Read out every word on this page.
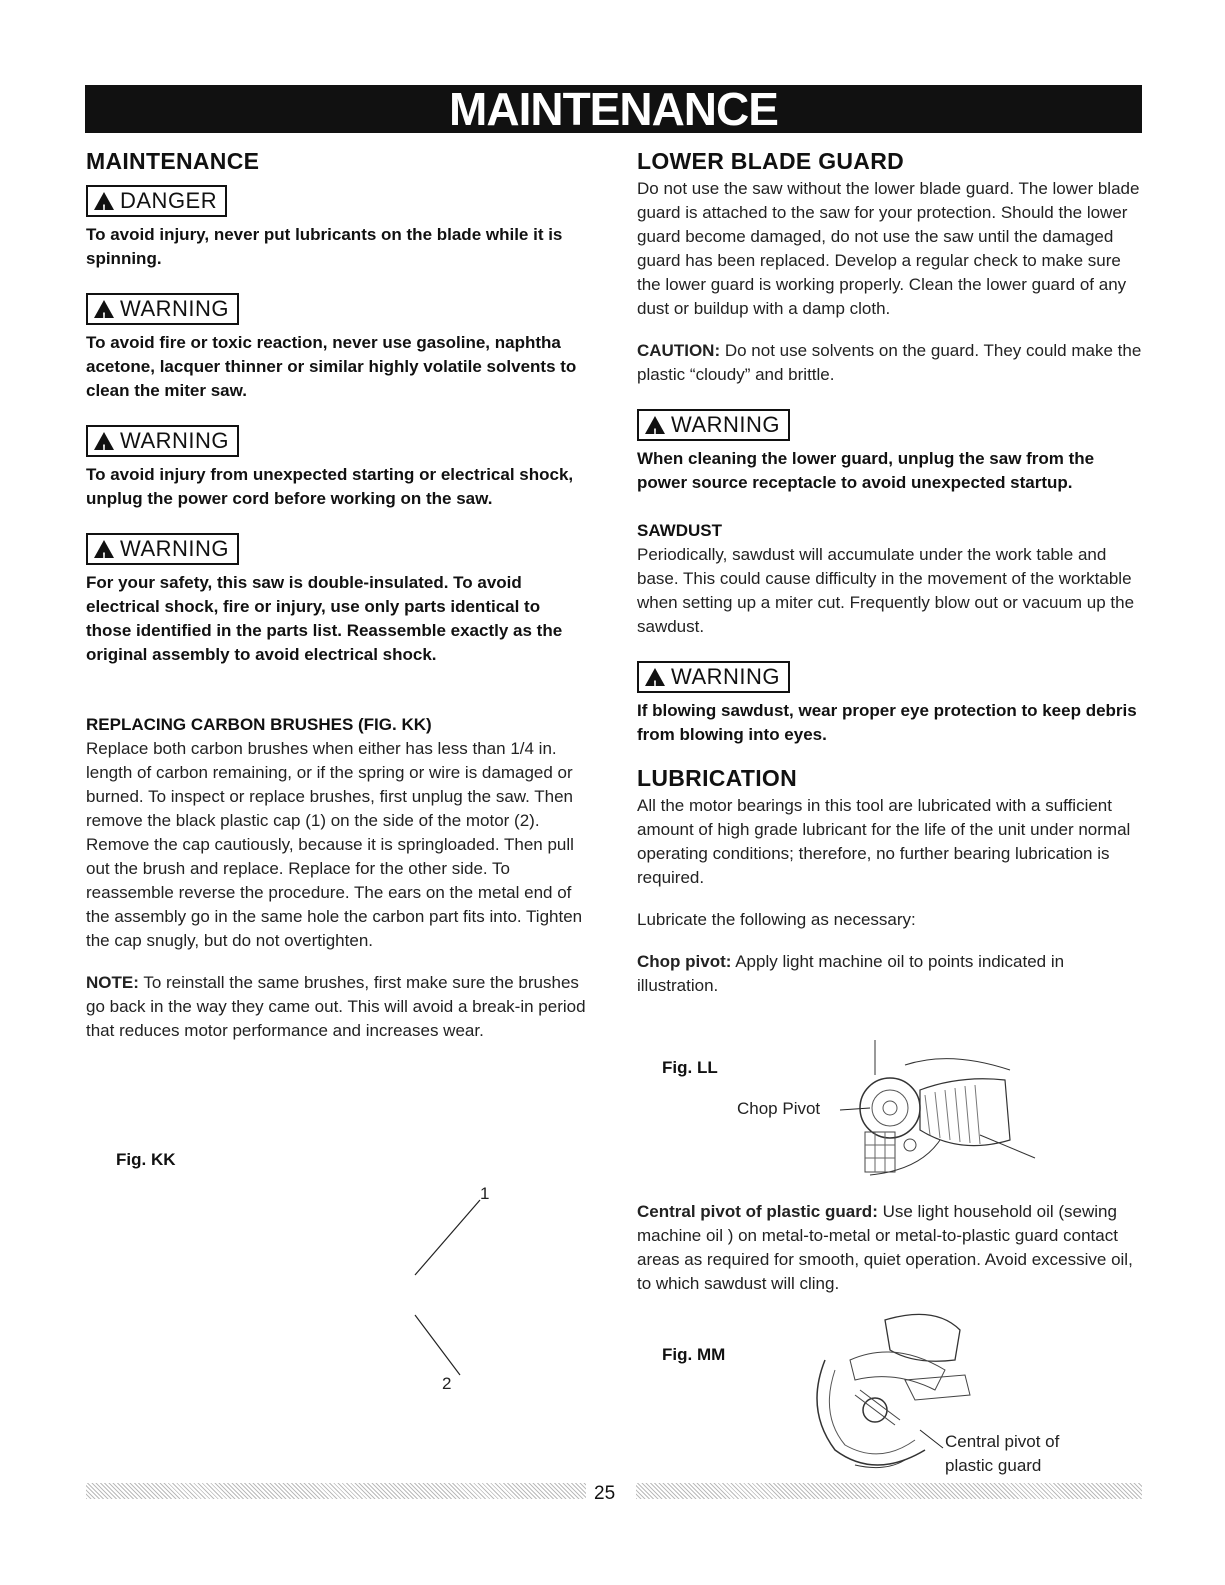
MAINTENANCE
MAINTENANCE
! DANGER
To avoid injury, never put lubricants on the blade while it is spinning.
! WARNING
To avoid fire or toxic reaction, never use gasoline, naphtha acetone, lacquer thinner or similar highly volatile solvents to clean the miter saw.
! WARNING
To avoid injury from unexpected starting or electrical shock, unplug the power cord before working on the saw.
! WARNING
For your safety, this saw is double-insulated. To avoid electrical shock, fire or injury, use only parts identical to those identified in the parts list. Reassemble exactly as the original assembly to avoid electrical shock.
REPLACING CARBON BRUSHES (FIG. KK)
Replace both carbon brushes when either has less than 1/4 in. length of carbon remaining, or if the spring or wire is damaged or burned. To inspect or replace brushes, first unplug the saw. Then remove the black plastic cap (1) on the side of the motor (2). Remove the cap cautiously, because it is springloaded. Then pull out the brush and replace. Replace for the other side. To reassemble reverse the procedure. The ears on the metal end of the assembly go in the same hole the carbon part fits into. Tighten the cap snugly, but do not overtighten.
NOTE: To reinstall the same brushes, first make sure the brushes go back in the way they came out. This will avoid a break-in period that reduces motor performance and increases wear.
Fig. KK
1
2
LOWER BLADE GUARD
Do not use the saw without the lower blade guard. The lower blade guard is attached to the saw for your protection. Should the lower guard become damaged, do not use the saw until the damaged guard has been replaced. Develop a regular check to make sure the lower guard is working properly. Clean the lower guard of any dust or buildup with a damp cloth.
CAUTION: Do not use solvents on the guard. They could make the plastic “cloudy” and brittle.
! WARNING
When cleaning the lower guard, unplug the saw from the power source receptacle to avoid unexpected startup.
SAWDUST
Periodically, sawdust will accumulate under the work table and base. This could cause difficulty in the movement of the worktable when setting up a miter cut. Frequently blow out or vacuum up the sawdust.
! WARNING
If blowing sawdust, wear proper eye protection to keep debris from blowing into eyes.
LUBRICATION
All the motor bearings in this tool are lubricated with a sufficient amount of high grade lubricant for the life of the unit under normal operating conditions; therefore, no further bearing lubrication is required.
Lubricate the following as necessary:
Chop pivot: Apply light machine oil to points indicated in illustration.
Fig. LL
Chop Pivot
Central pivot of plastic guard: Use light household oil (sewing machine oil ) on metal-to-metal or metal-to-plastic guard contact areas as required for smooth, quiet operation. Avoid excessive oil, to which sawdust will cling.
Fig. MM
Central pivot of plastic guard
25
